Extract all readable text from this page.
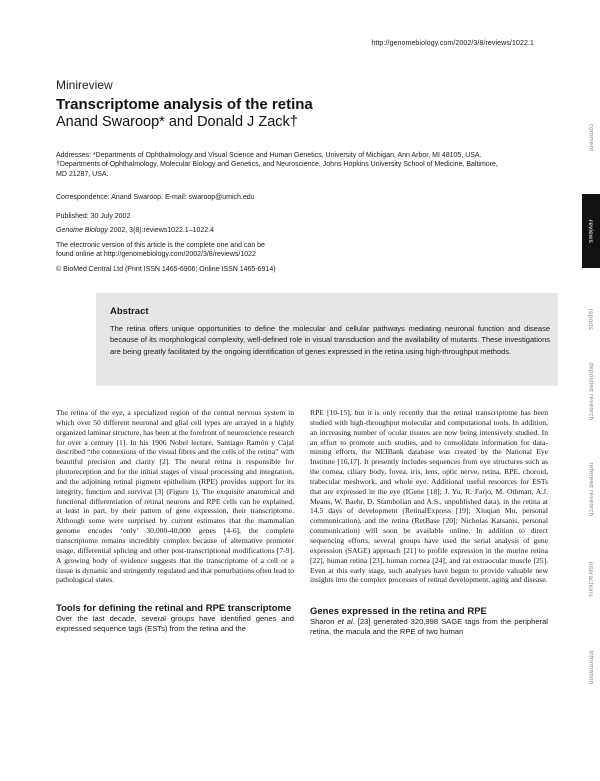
http://genomebiology.com/2002/3/8/reviews/1022.1
Minireview
Transcriptome analysis of the retina
Anand Swaroop* and Donald J Zack†
Addresses: *Departments of Ophthalmology and Visual Science and Human Genetics, University of Michigan, Ann Arbor, MI 48105, USA.
†Departments of Ophthalmology, Molecular Biology and Genetics, and Neuroscience, Johns Hopkins University School of Medicine, Baltimore,
MD 21287, USA.
Correspondence: Anand Swaroop. E-mail: swaroop@umich.edu
Published: 30 July 2002
Genome Biology 2002, 3(8):reviews1022.1–1022.4
The electronic version of this article is the complete one and can be
found online at http://genomebiology.com/2002/3/8/reviews/1022
© BioMed Central Ltd (Print ISSN 1465-6906; Online ISSN 1465-6914)
Abstract
The retina offers unique opportunities to define the molecular and cellular pathways mediating neuronal function and disease because of its morphological complexity, well-defined role in visual transduction and the availability of mutants. These investigations are being greatly facilitated by the ongoing identification of genes expressed in the retina using high-throughput methods.

The retina of the eye, a specialized region of the central nervous system in which over 50 different neuronal and glial cell types are arrayed in a highly organized laminar structure, has been at the forefront of neuroscience research for over a century [1]. In his 1906 Nobel lecture, Santiago Ramón y Cajal described “the connexions of the visual fibres and the cells of the retina” with beautiful precision and clarity [2]. The neural retina is responsible for photoreception and for the initial stages of visual processing and integration, and the adjoining retinal pigment epithelium (RPE) provides support for its integrity, function and survival [3] (Figure 1). The exquisite anatomical and functional differentiation of retinal neurons and RPE cells can be explained, at least in part, by their pattern of gene expression, their transcriptome. Although some were surprised by current estimates that the mammalian genome encodes ‘only’ 30,000-40,000 genes [4-6], the complete transcriptome remains incredibly complex because of alternative promoter usage, differential splicing and other post-transcriptional modifications [7-9]. A growing body of evidence suggests that the transcriptome of a cell or a tissue is dynamic and stringently regulated and that perturbations often lead to pathological states.

Tools for defining the retinal and RPE transcriptome

Over the last decade, several groups have identified genes and expressed sequence tags (ESTs) from the retina and the

RPE [10-15], but it is only recently that the retinal transcriptome has been studied with high-throughput molecular and computational tools. In addition, an increasing number of ocular tissues are now being intensively studied. In an effort to promote such studies, and to consolidate information for data-mining efforts, the NEIBank database was created by the National Eye Institute [16,17]. It presently includes sequences from eye structures such as the cornea, ciliary body, fovea, iris, lens, optic nerve, retina, RPE, choroid, trabecular meshwork, and whole eye. Additional useful resources for ESTs that are expressed in the eye (IGene [18]; J. Yu, R. Farjo, M. Othman, A.J. Means, W. Baehr, D. Stambolian and A.S., unpublished data), in the retina at 14.5 days of development (RetinalExpress [19]; Xiuqian Mu, personal communication), and the retina (RetBase [20]; Nicholas Katsanis, personal communication) will soon be available online. In addition to direct sequencing efforts, several groups have used the serial analysis of gene expression (SAGE) approach [21] to profile expression in the murine retina [22], human retina [23], human cornea [24], and rat extraocular muscle [25]. Even at this early stage, such analyses have begun to provide valuable new insights into the complex processes of retinal development, aging and disease.

Genes expressed in the retina and RPE

Sharon et al. [23] generated 320,998 SAGE tags from the peripheral retina, the macula and the RPE of two human

comment
reviews
reports
deposited research
refereed research
interactions
information
